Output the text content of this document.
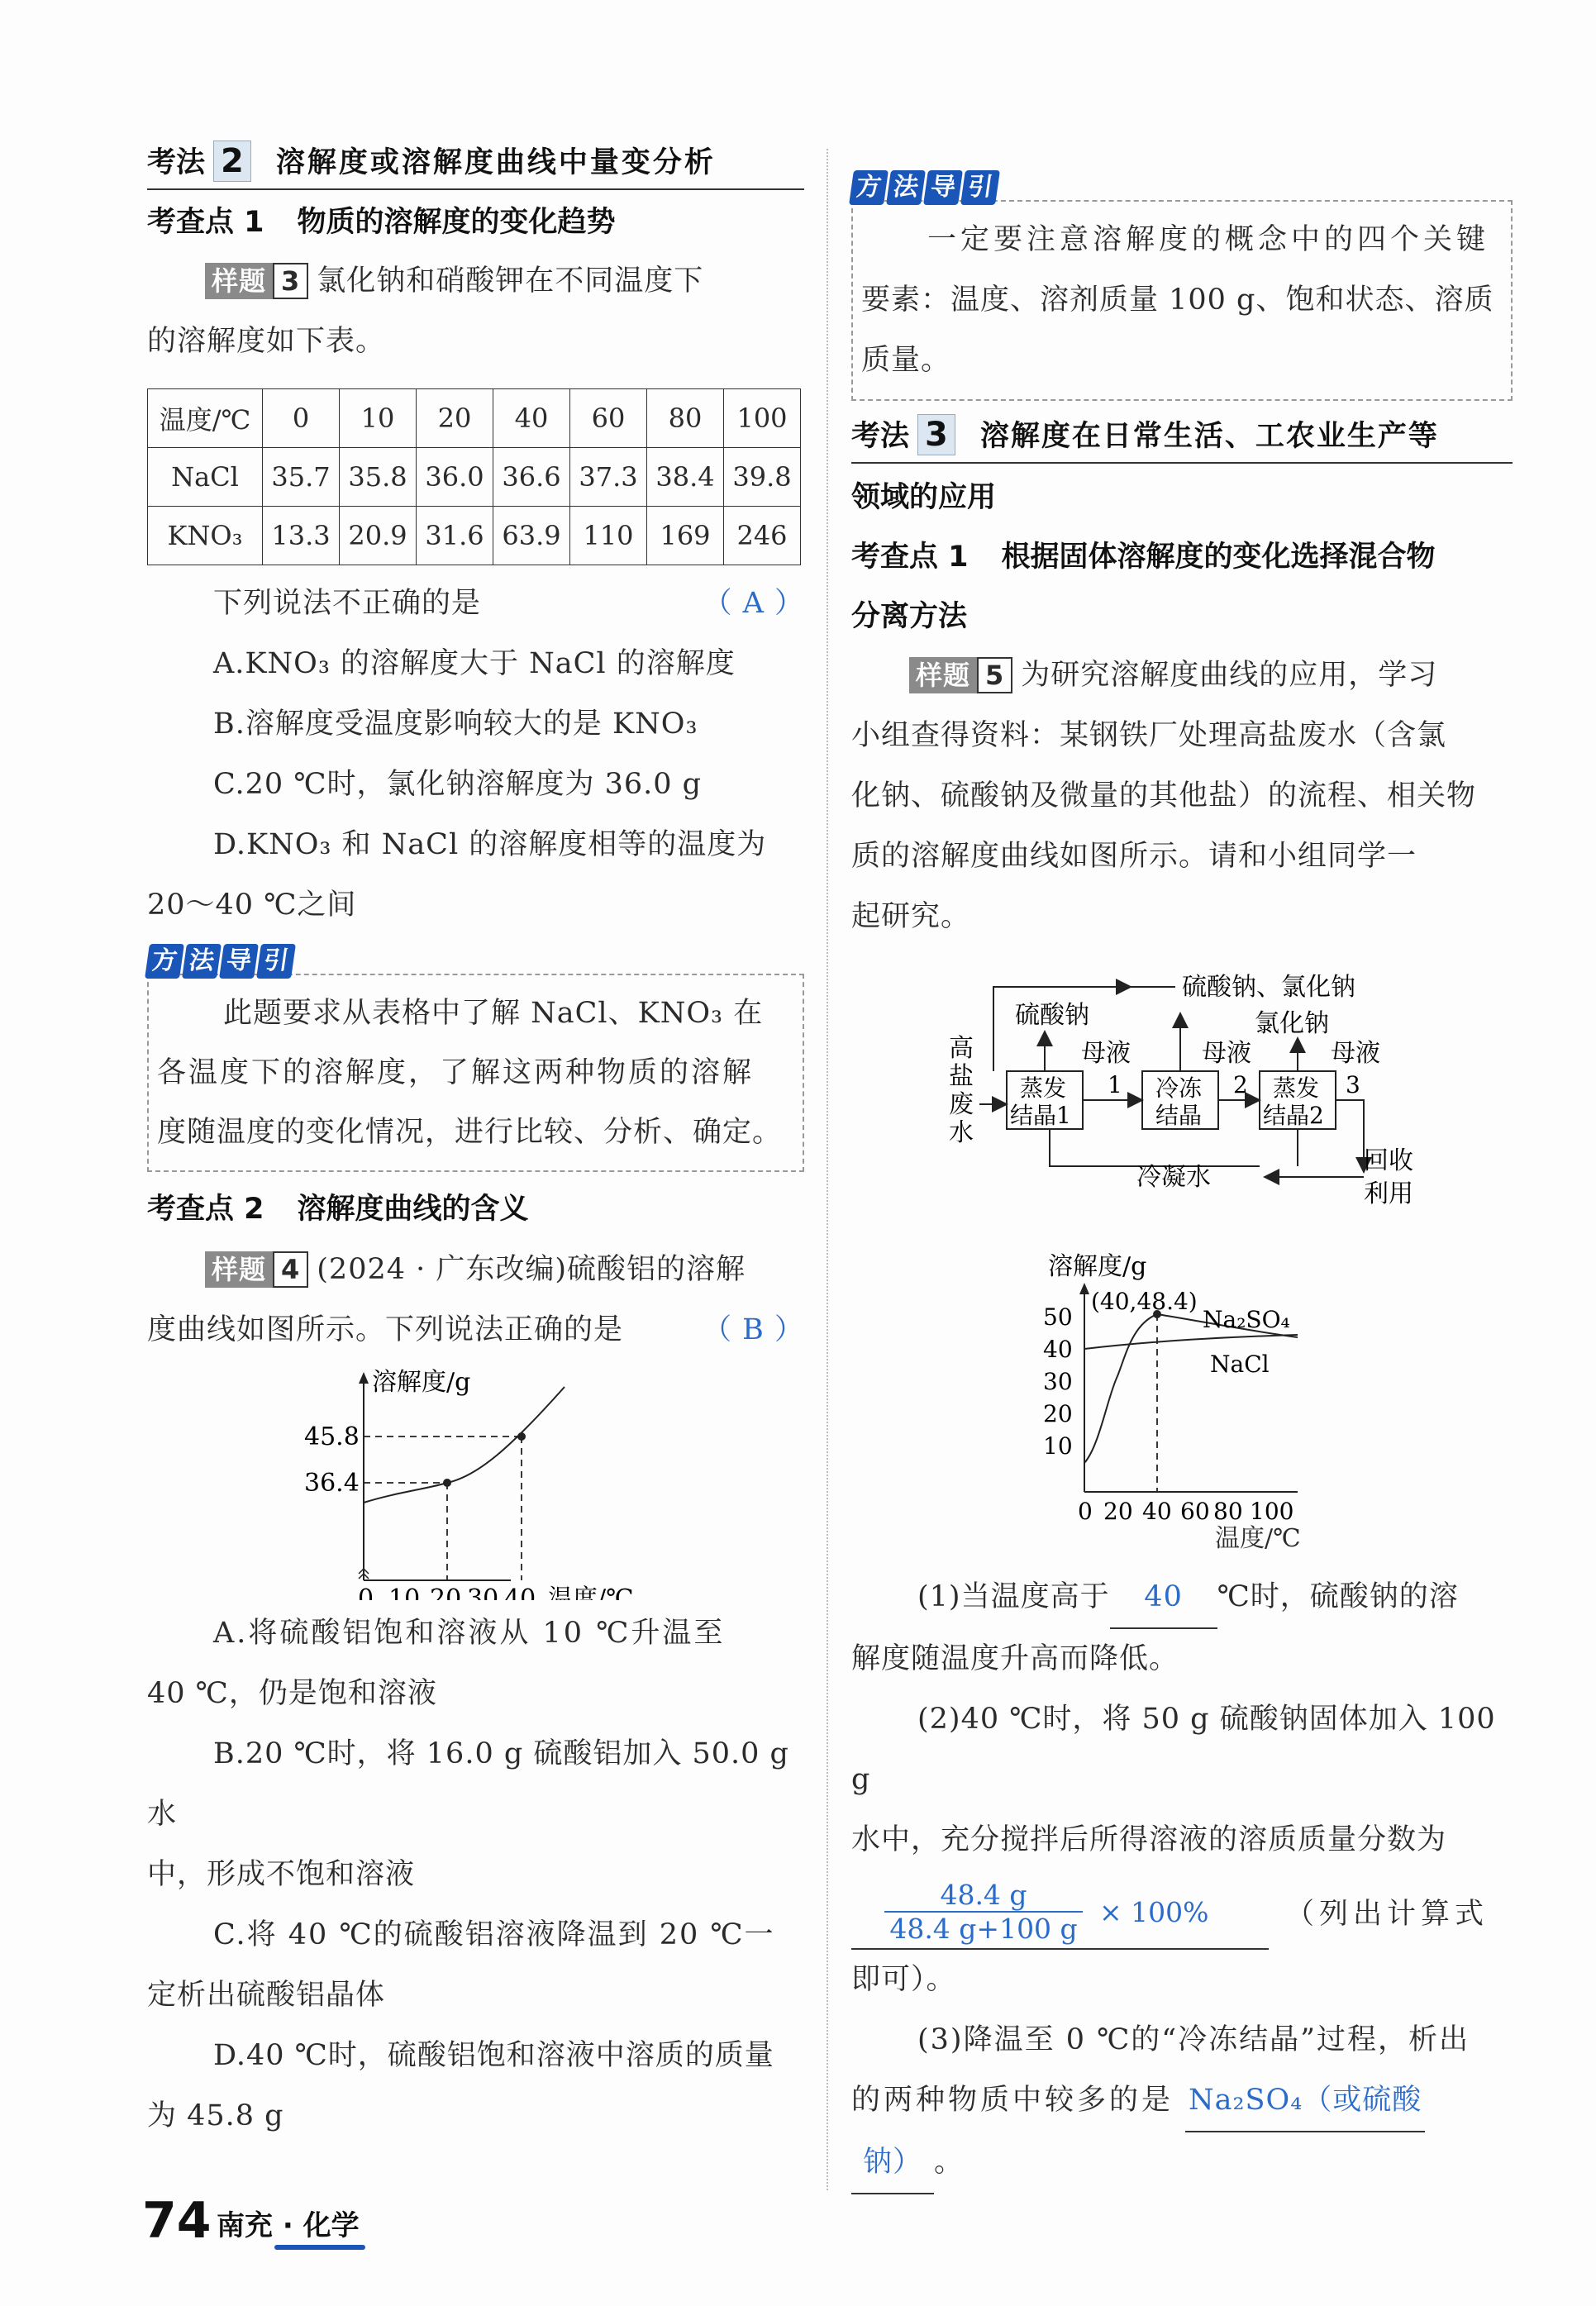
考法 2 溶解度或溶解度曲线中量变分析
考查点 1 物质的溶解度的变化趋势
样题 3 氯化钠和硝酸钾在不同温度下
的溶解度如下表。
温度/℃	0	10	20	40	60	80	100
NaCl	35.7	35.8	36.0	36.6	37.3	38.4	39.8
KNO₃	13.3	20.9	31.6	63.9	110	169	246
下列说法不正确的是	（ A ）
A.KNO₃ 的溶解度大于 NaCl 的溶解度
B.溶解度受温度影响较大的是 KNO₃
C.20 ℃时，氯化钠溶解度为 36.0 g
D.KNO₃ 和 NaCl 的溶解度相等的温度为
20～40 ℃之间
方 法 导 引
此题要求从表格中了解 NaCl、KNO₃ 在
各温度下的溶解度，了解这两种物质的溶解
度随温度的变化情况，进行比较、分析、确定。
考查点 2 溶解度曲线的含义
样题 4 (2024 · 广东改编)硫酸铝的溶解
度曲线如图所示。下列说法正确的是	（ B ）
溶解度/g
45.8
36.4
0 10 20 30 40 温度/℃
A.将硫酸铝饱和溶液从 10 ℃升温至
40 ℃，仍是饱和溶液
B.20 ℃时，将 16.0 g 硫酸铝加入 50.0 g 水
中，形成不饱和溶液
C.将 40 ℃的硫酸铝溶液降温到 20 ℃一
定析出硫酸铝晶体
D.40 ℃时，硫酸铝饱和溶液中溶质的质量
为 45.8 g
方 法 导 引
一定要注意溶解度的概念中的四个关键
要素：温度、溶剂质量 100 g、饱和状态、溶质
质量。
考法 3 溶解度在日常生活、工农业生产等
领域的应用
考查点 1 根据固体溶解度的变化选择混合物
分离方法
样题 5 为研究溶解度曲线的应用，学习
小组查得资料：某钢铁厂处理高盐废水（含氯
化钠、硫酸钠及微量的其他盐）的流程、相关物
质的溶解度曲线如图所示。请和小组同学一
起研究。
硫酸钠、氯化钠
硫酸钠	氯化钠
母液	母液	母液
高
盐
废
水
蒸发
结晶1
冷冻
结晶
蒸发
结晶2
1	2	3
冷凝水
回收
利用

溶解度/g
(40,48.4)
Na₂SO₄
NaCl
50
40
30
20
10
0 20 40 60 80 100
温度/℃
(1)当温度高于 40 ℃时，硫酸钠的溶
解度随温度升高而降低。
(2)40 ℃时，将 50 g 硫酸钠固体加入 100 g
水中，充分搅拌后所得溶液的溶质质量分数为
48.4 g
48.4 g+100 g
× 100%	（列出计算式
即可）。
(3)降温至 0 ℃的“冷冻结晶”过程，析出
的两种物质中较多的是 Na₂SO₄（或硫酸
钠） 。
74 南充 · 化学
